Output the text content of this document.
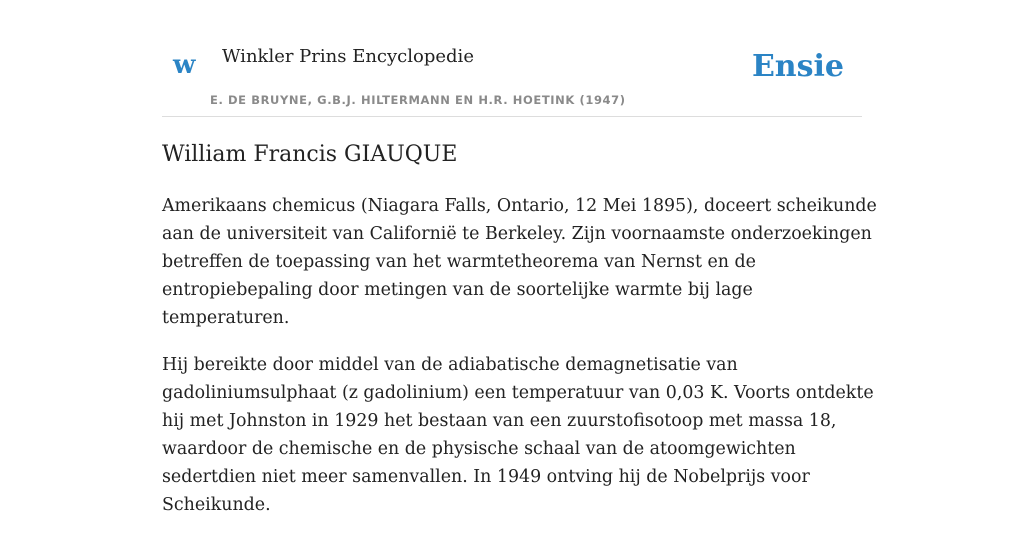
w Winkler Prins Encyclopedie
E. DE BRUYNE, G.B.J. HILTERMANN EN H.R. HOETINK (1947)
Ensie
William Francis GIAUQUE

Amerikaans chemicus (Niagara Falls, Ontario, 12 Mei 1895), doceert scheikunde aan de universiteit van Californië te Berkeley. Zijn voornaamste onderzoekingen betreffen de toepassing van het warmtetheorema van Nernst en de entropiebepaling door metingen van de soortelijke warmte bij lage temperaturen.

Hij bereikte door middel van de adiabatische demagnetisatie van gadoliniumsulphaat (z gadolinium) een temperatuur van 0,03 K. Voorts ontdekte hij met Johnston in 1929 het bestaan van een zuurstofisotoop met massa 18, waardoor de chemische en de physische schaal van de atoomgewichten sedertdien niet meer samenvallen. In 1949 ontving hij de Nobelprijs voor Scheikunde.
